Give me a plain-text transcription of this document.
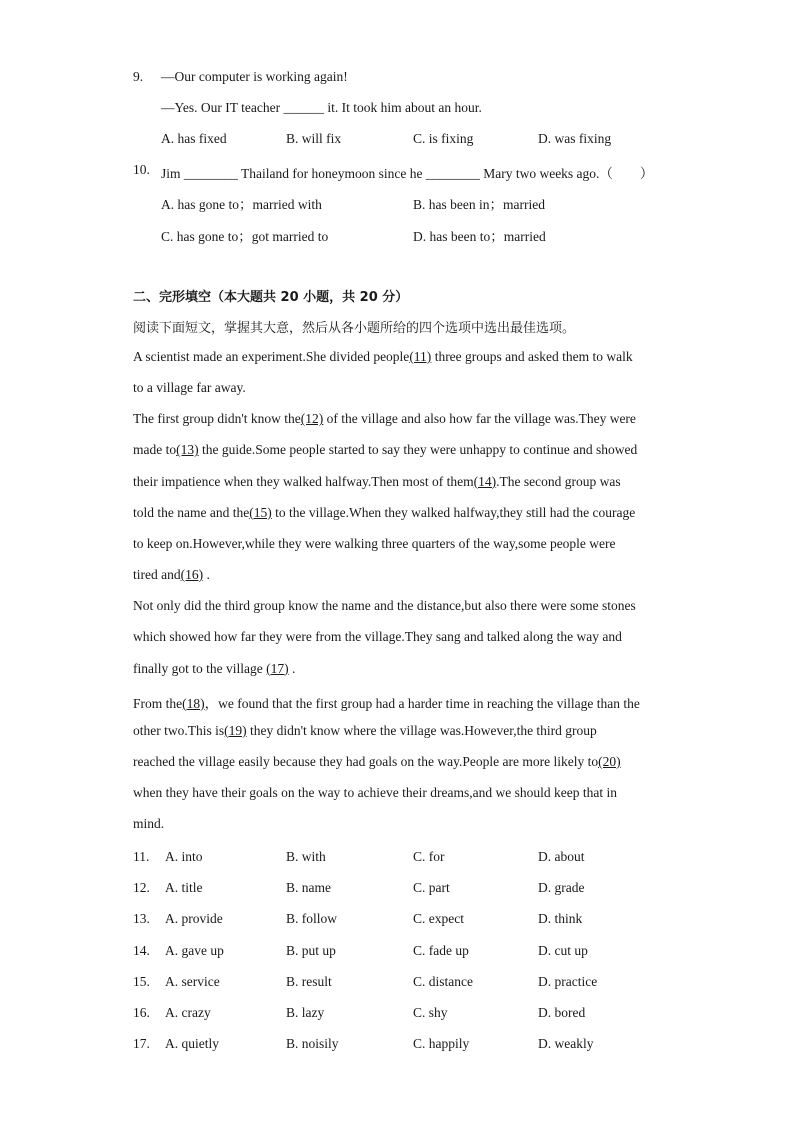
9. —Our computer is working again!
—Yes. Our IT teacher ______ it. It took him about an hour.
A. has fixed	B. will fix	C. is fixing	D. was fixing
10. Jim ________ Thailand for honeymoon since he ________ Mary two weeks ago.（　　）
A. has gone to；married with	B. has been in；married
C. has gone to；got married to	D. has been to；married
二、完形填空（本大题共 20 小题，共 20 分）
阅读下面短文，掌握其大意，然后从各小题所给的四个选项中选出最佳选项。
A scientist made an experiment.She divided people(11) three groups and asked them to walk
to a village far away.
The first group didn't know the(12) of the village and also how far the village was.They were
made to(13) the guide.Some people started to say they were unhappy to continue and showed
their impatience when they walked halfway.Then most of them(14).The second group was
told the name and the(15) to the village.When they walked halfway,they still had the courage
to keep on.However,while they were walking three quarters of the way,some people were
tired and(16) .
Not only did the third group know the name and the distance,but also there were some stones
which showed how far they were from the village.They sang and talked along the way and
finally got to the village (17) .
From the(18)，we found that the first group had a harder time in reaching the village than the
other two.This is(19) they didn't know where the village was.However,the third group
reached the village easily because they had goals on the way.People are more likely to(20)
when they have their goals on the way to achieve their dreams,and we should keep that in
mind.
11. A. into	B. with	C. for	D. about
12. A. title	B. name	C. part	D. grade
13. A. provide	B. follow	C. expect	D. think
14. A. gave up	B. put up	C. fade up	D. cut up
15. A. service	B. result	C. distance	D. practice
16. A. crazy	B. lazy	C. shy	D. bored
17. A. quietly	B. noisily	C. happily	D. weakly
